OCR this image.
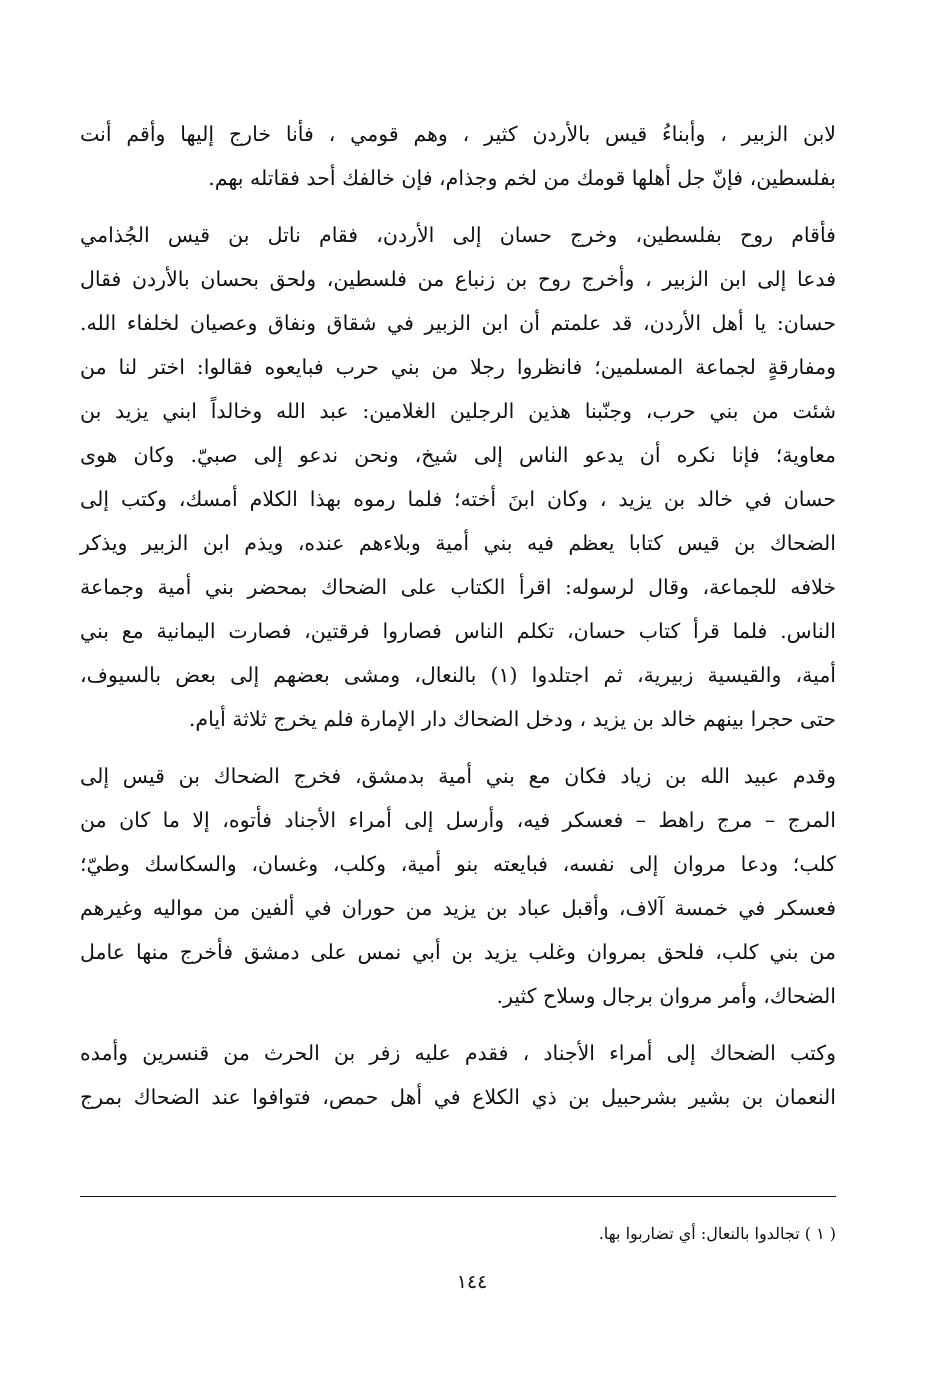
لابن الزبير ، وأبناءُ قيس بالأردن كثير ، وهم قومي ، فأنا خارج إليها وأقم أنت
بفلسطين، فإنّ جل أهلها قومك من لخم وجذام، فإن خالفك أحد فقاتله بهم.
فأقام روح بفلسطين، وخرج حسان إلى الأردن، فقام ناتل بن قيس الجُذامي
فدعا إلى ابن الزبير ، وأخرج روح بن زنباع من فلسطين، ولحق بحسان بالأردن فقال
حسان: يا أهل الأردن، قد علمتم أن ابن الزبير في شقاق ونفاق وعصيان لخلفاء الله.
ومفارقةٍ لجماعة المسلمين؛ فانظروا رجلا من بني حرب فبايعوه فقالوا: اختر لنا من
شئت من بني حرب، وجنّبنا هذين الرجلين الغلامين: عبد الله وخالداً ابني يزيد بن
معاوية؛ فإنا نكره أن يدعو الناس إلى شيخ، ونحن ندعو إلى صبيّ. وكان هوى
حسان في خالد بن يزيد ، وكان ابنَ أخته؛ فلما رموه بهذا الكلام أمسك، وكتب إلى
الضحاك بن قيس كتابا يعظم فيه بني أمية وبلاءهم عنده، ويذم ابن الزبير ويذكر
خلافه للجماعة، وقال لرسوله: اقرأ الكتاب على الضحاك بمحضر بني أمية وجماعة
الناس. فلما قرأ كتاب حسان، تكلم الناس فصاروا فرقتين، فصارت اليمانية مع بني
أمية، والقيسية زبيرية، ثم اجتلدوا (١) بالنعال، ومشى بعضهم إلى بعض بالسيوف،
حتى حجرا بينهم خالد بن يزيد ، ودخل الضحاك دار الإمارة فلم يخرج ثلاثة أيام.
وقدم عبيد الله بن زياد فكان مع بني أمية بدمشق، فخرج الضحاك بن قيس إلى
المرج – مرج راهط – فعسكر فيه، وأرسل إلى أمراء الأجناد فأتوه، إلا ما كان من
كلب؛ ودعا مروان إلى نفسه، فبايعته بنو أمية، وكلب، وغسان، والسكاسك وطيّ؛
فعسكر في خمسة آلاف، وأقبل عباد بن يزيد من حوران في ألفين من مواليه وغيرهم
من بني كلب، فلحق بمروان وغلب يزيد بن أبي نمس على دمشق فأخرج منها عامل
الضحاك، وأمر مروان برجال وسلاح كثير.
وكتب الضحاك إلى أمراء الأجناد ، فقدم عليه زفر بن الحرث من قنسرين وأمده
النعمان بن بشير بشرحبيل بن ذي الكلاع في أهل حمص، فتوافوا عند الضحاك بمرج
( ١ ) تجالدوا بالنعال: أي تضاربوا بها.
١٤٤
